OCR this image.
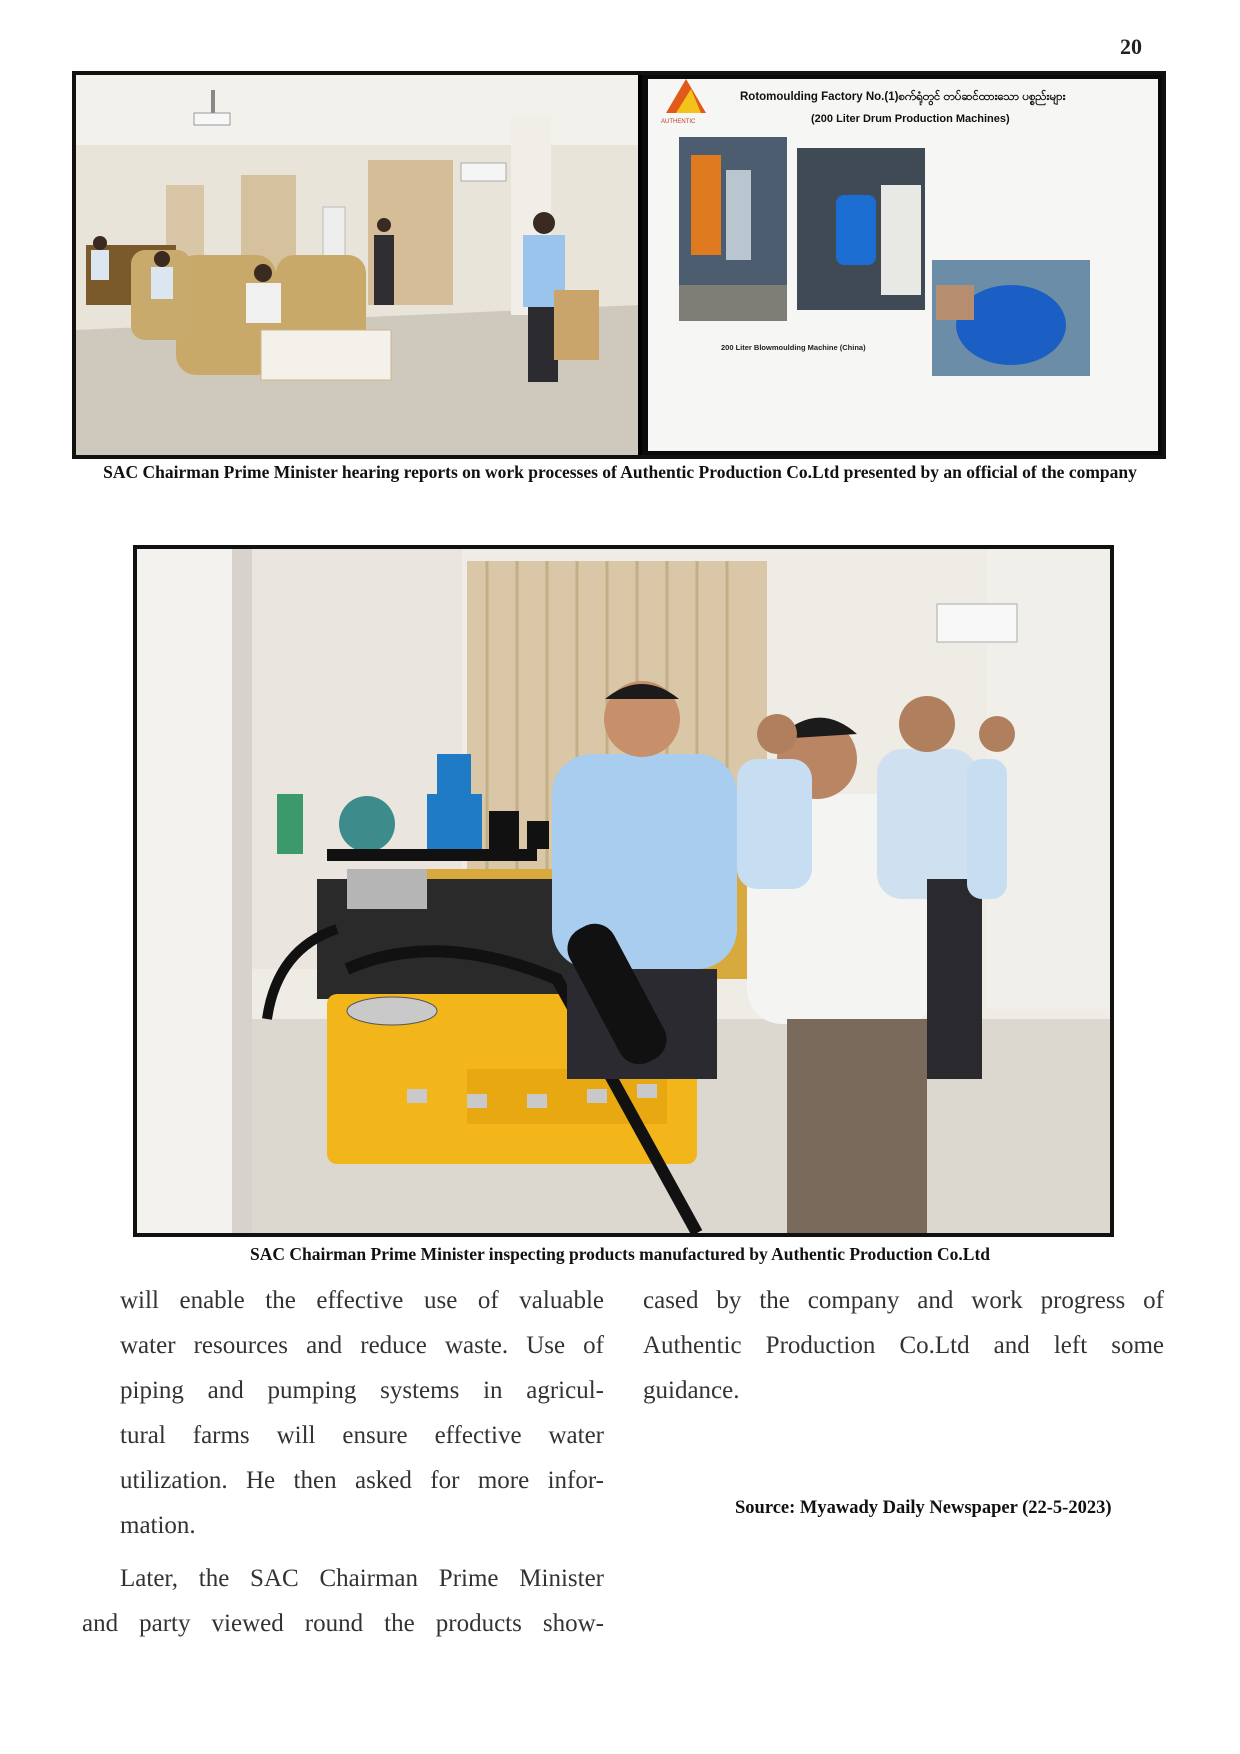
20
AUTHENTIC
Rotomoulding Factory No.(1)စက်ရုံတွင် တပ်ဆင်ထားသော ပစ္စည်းများ
(200 Liter Drum Production Machines)
200 Liter Blowmoulding Machine (China)
SAC Chairman Prime Minister hearing reports on work processes of Authentic Production Co.Ltd presented by an official of the company
SAC Chairman Prime Minister inspecting products manufactured by Authentic Production Co.Ltd
will enable the effective use of valuable
water resources and reduce waste. Use of
piping and pumping systems in agricul-
tural farms will ensure effective water
utilization. He then asked for more infor-
mation.
Later, the SAC Chairman Prime Minister
and party viewed round the products show-
cased by the company and work progress of
Authentic Production Co.Ltd and left some
guidance.
Source: Myawady Daily Newspaper (22-5-2023)
